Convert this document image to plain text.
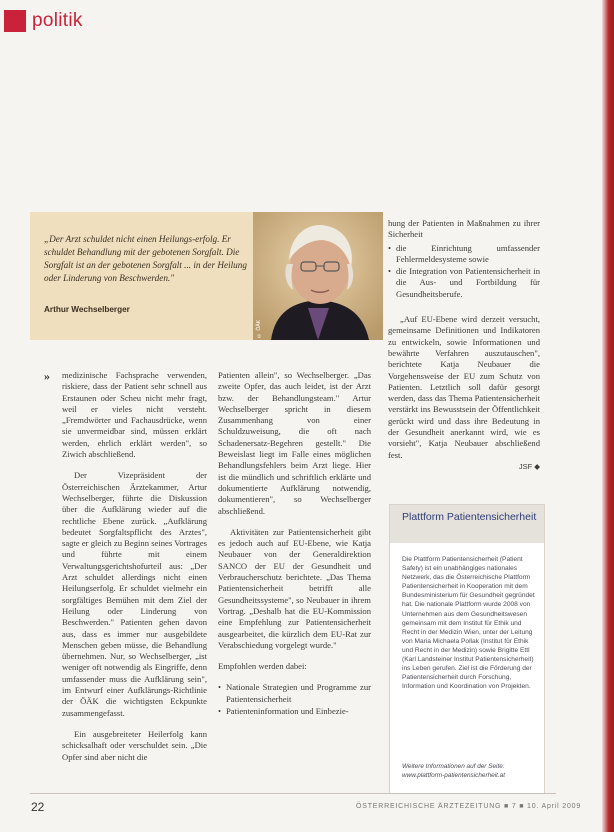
politik
„Der Arzt schuldet nicht einen Heilungs-erfolg. Er schuldet Behandlung mit der gebotenen Sorgfalt. Die Sorgfalt ist an der gebotenen Sorgfalt ... in der Heilung oder Linderung von Beschwerden."
Arthur Wechselberger
© ÖÄK
» medizinische Fachsprache verwenden, riskiere, dass der Patient sehr schnell aus Erstaunen oder Scheu nicht mehr fragt, weil er vieles nicht versteht. „Fremdwörter und Fachausdrücke, wenn sie unvermeidbar sind, müssen erklärt werden, ehrlich erklärt werden", so Ziwich abschließend.

Der Vizepräsident der Österreichischen Ärztekammer, Artur Wechselberger, führte die Diskussion über die Aufklärung wieder auf die rechtliche Ebene zurück. „Aufklärung bedeutet Sorgfaltspflicht des Arztes", sagte er gleich zu Beginn seines Vortrages und führte mit einem Verwaltungsgerichtshofurteil aus: „Der Arzt schuldet allerdings nicht einen Heilungserfolg. Er schuldet vielmehr ein sorgfältiges Bemühen mit dem Ziel der Heilung oder Linderung von Beschwerden." Patienten gehen davon aus, dass es immer nur ausgebildete Menschen geben müsse, die Behandlung übernehmen. Nur, so Wechselberger, „ist weniger oft notwendig als Eingriffe, denn umfassender muss die Aufklärung sein", im Entwurf einer Aufklärungs-Richtlinie der ÖÄK die wichtigsten Eckpunkte zusammengefasst.

Ein ausgebreiteter Heilerfolg kann schicksalhaft oder verschuldet sein. „Die Opfer sind aber nicht die

Patienten allein", so Wechselberger. „Das zweite Opfer, das auch leidet, ist der Arzt bzw. der Behandlungsteam." Artur Wechselberger spricht in diesem Zusammenhang von einer Schuldzuweisung, die oft nach Schadenersatz-Begehren gestellt." Die Beweislast liegt im Falle eines möglichen Behandlungsfehlers beim Arzt liege. Hier ist die mündlich und schriftlich erklärte und dokumentierte Aufklärung notwendig, dokumentieren", so Wechselberger abschließend.

Aktivitäten zur Patientensicherheit gibt es jedoch auch auf EU-Ebene, wie Katja Neubauer von der Generaldirektion SANCO der EU der Gesundheit und Verbraucherschutz berichtete. „Das Thema Patientensicherheit betrifft alle Gesundheitssysteme", so Neubauer in ihrem Vortrag. „Deshalb hat die EU-Kommission eine Empfehlung zur Patientensicherheit ausgearbeitet, die kürzlich dem EU-Rat zur Verabschiedung vorgelegt wurde."

Empfohlen werden dabei:

• Nationale Strategien und Programme zur Patientensicherheit
• Patienteninformation und Einbezie-

hung der Patienten in Maßnahmen zu ihrer Sicherheit

• die Einrichtung umfassender Fehlermeldesysteme sowie
• die Integration von Patientensicherheit in die Aus- und Fortbildung für Gesundheitsberufe.

„Auf EU-Ebene wird derzeit versucht, gemeinsame Definitionen und Indikatoren zu entwickeln, sowie Informationen und bewährte Verfahren auszutauschen", berichtete Katja Neubauer die Vorgehensweise der EU zum Schutz von Patienten. Letztlich soll dafür gesorgt werden, dass das Thema Patientensicherheit verstärkt ins Bewusstsein der Öffentlichkeit gerückt wird und dass ihre Bedeutung in der Gesundheit anerkannt wird, wie es vorsieht", Katja Neubauer abschließend fest.

JSF ◆
Plattform Patientensicherheit
Die Plattform Patientensicherheit (Patient Safety) ist ein unabhängiges nationales Netzwerk, das die Österreichische Plattform Patientensicherheit in Kooperation mit dem Bundesministerium für Gesundheit gegründet hat. Die nationale Plattform wurde 2008 von Unternehmen aus dem Gesundheitswesen gemeinsam mit dem Institut für Ethik und Recht in der Medizin Wien, unter der Leitung von Maria Michaela Pollak (Institut für Ethik und Recht in der Medizin) sowie Brigitte Ettl (Karl Landsteiner Institut Patientensicherheit) ins Leben gerufen. Ziel ist die Förderung der Patientensicherheit durch Forschung, Information und Koordination von Projekten.
Weitere Informationen auf der Seite: www.plattform-patientensicherheit.at
22	ÖSTERREICHISCHE ÄRZTEZEITUNG ■ 7 ■ 10. April 2009
